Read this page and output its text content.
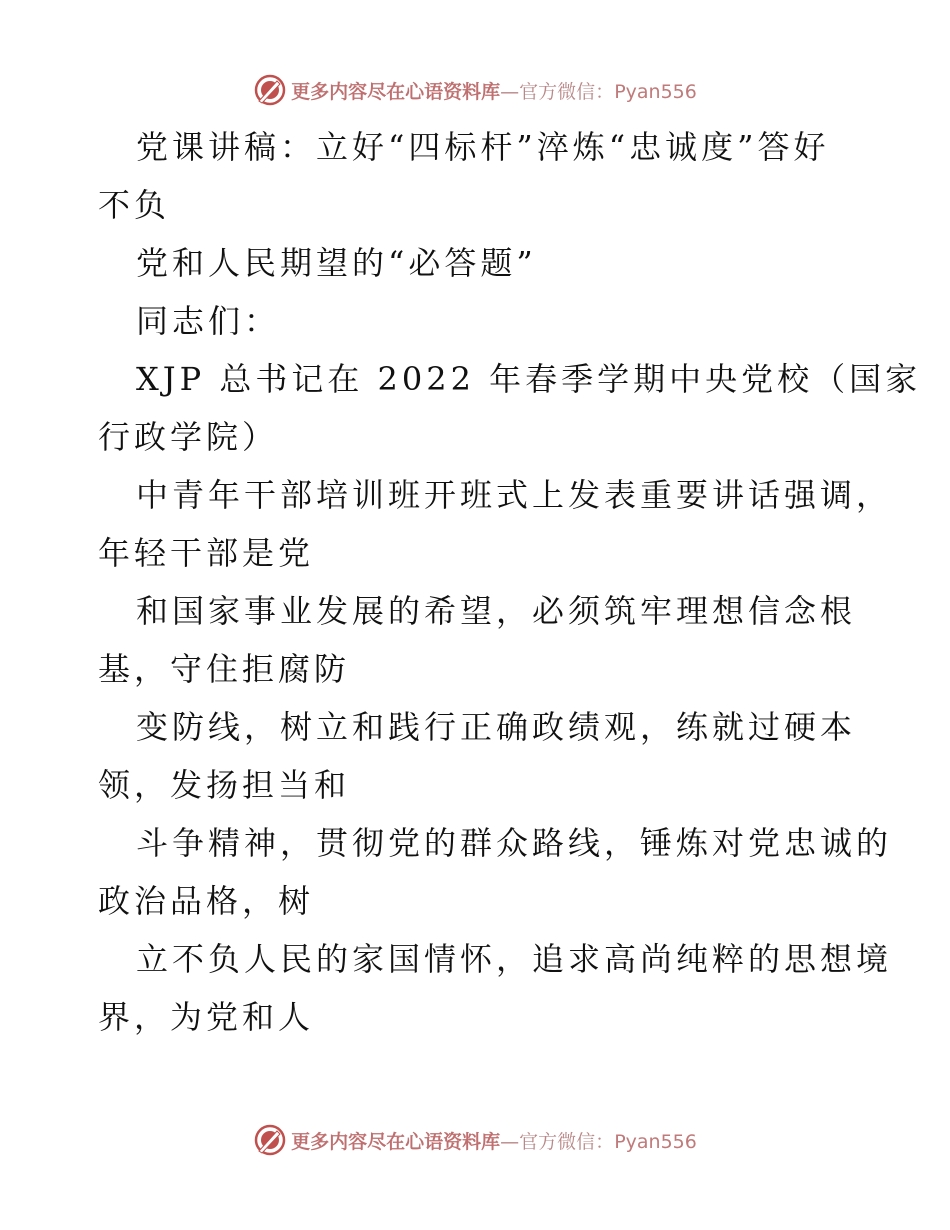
更多内容尽在心语资料库—官方微信：Pyan556
党课讲稿：立好“四标杆”淬炼“忠诚度”答好
不负
党和人民期望的“必答题”
同志们：
XJP 总书记在 2022 年春季学期中央党校（国家
行政学院）
中青年干部培训班开班式上发表重要讲话强调，
年轻干部是党
和国家事业发展的希望，必须筑牢理想信念根
基，守住拒腐防
变防线，树立和践行正确政绩观，练就过硬本
领，发扬担当和
斗争精神，贯彻党的群众路线，锤炼对党忠诚的
政治品格，树
立不负人民的家国情怀，追求高尚纯粹的思想境
界，为党和人
更多内容尽在心语资料库—官方微信：Pyan556
